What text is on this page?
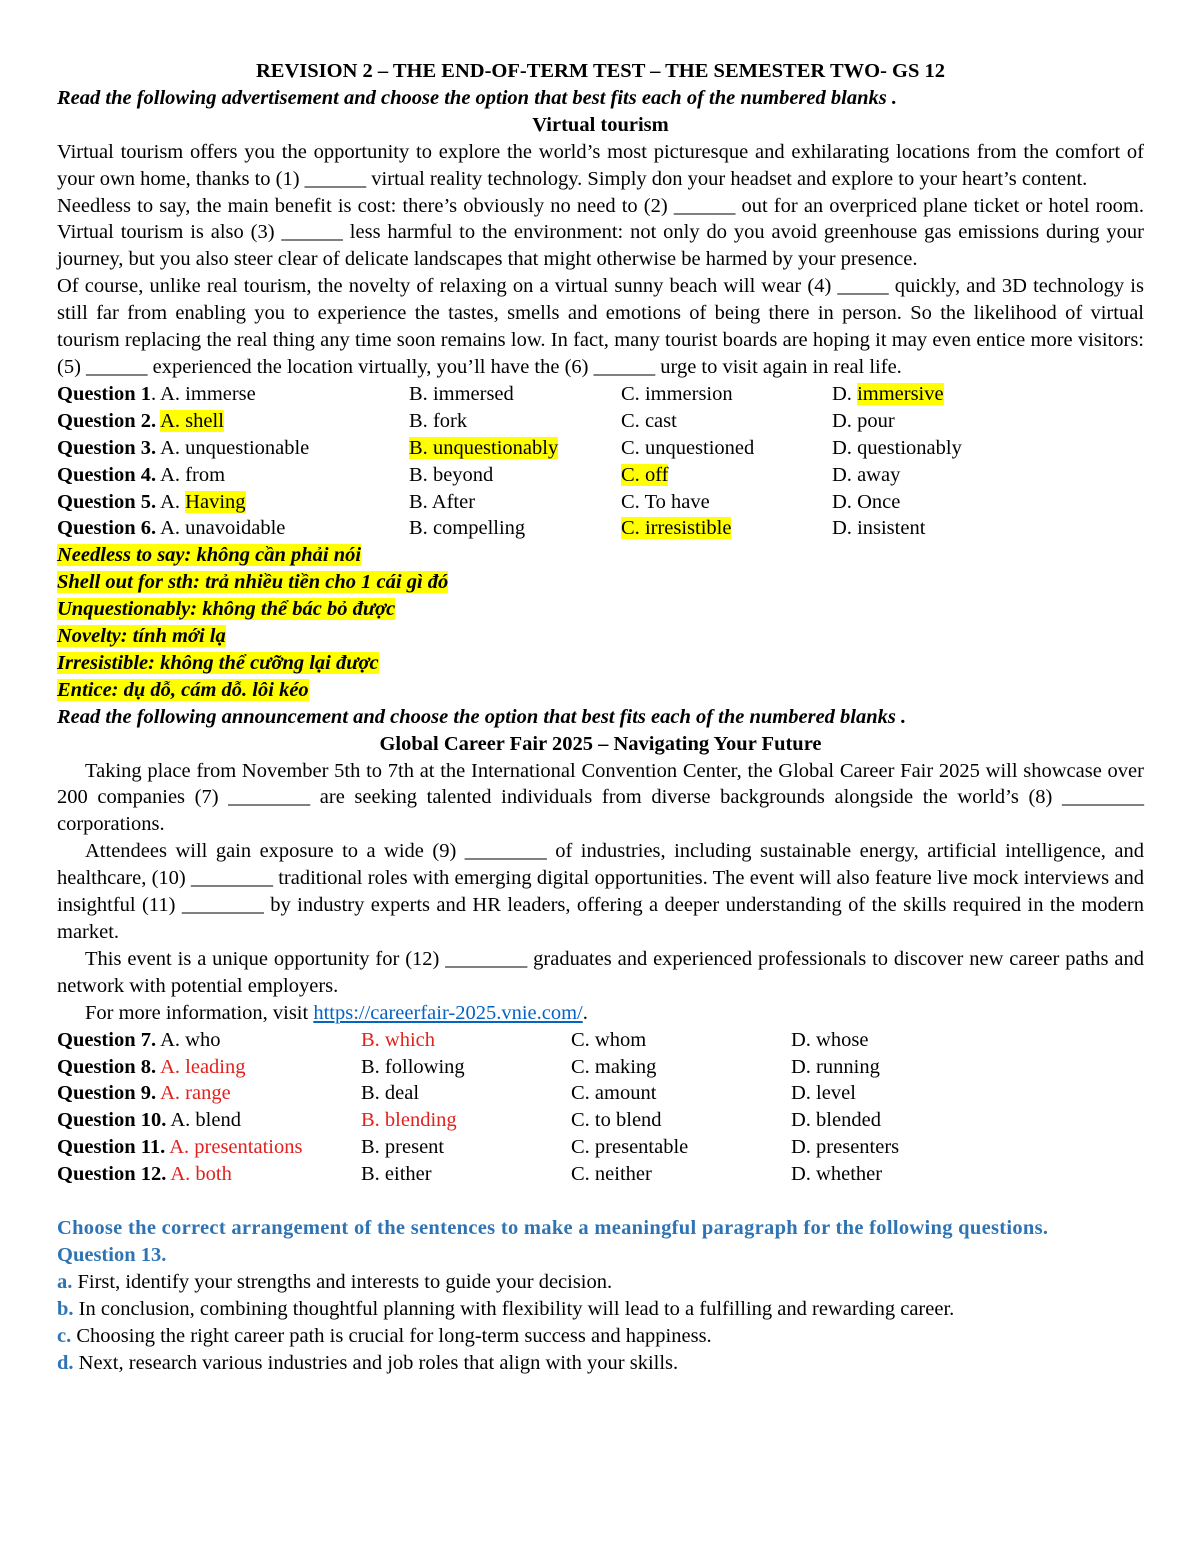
REVISION 2 – THE END-OF-TERM TEST – THE SEMESTER TWO- GS 12

Read the following advertisement and choose the option that best fits each of the numbered blanks .

Virtual tourism

Virtual tourism offers you the opportunity to explore the world’s most picturesque and exhilarating locations from the comfort of your own home, thanks to (1) ______ virtual reality technology. Simply don your headset and explore to your heart’s content.

Needless to say, the main benefit is cost: there’s obviously no need to (2) ______ out for an overpriced plane ticket or hotel room. Virtual tourism is also (3) ______ less harmful to the environment: not only do you avoid greenhouse gas emissions during your journey, but you also steer clear of delicate landscapes that might otherwise be harmed by your presence.

Of course, unlike real tourism, the novelty of relaxing on a virtual sunny beach will wear (4) _____ quickly, and 3D technology is still far from enabling you to experience the tastes, smells and emotions of being there in person. So the likelihood of virtual tourism replacing the real thing any time soon remains low. In fact, many tourist boards are hoping it may even entice more visitors: (5) ______ experienced the location virtually, you’ll have the (6) ______ urge to visit again in real life.

Question 1. A. immerse	B. immersed	C. immersion	D. immersive
Question 2. A. shell	B. fork	C. cast	D. pour
Question 3. A. unquestionable	B. unquestionably	C. unquestioned	D. questionably
Question 4. A. from	B. beyond	C. off	D. away
Question 5. A. Having	B. After	C. To have	D. Once
Question 6. A. unavoidable	B. compelling	C. irresistible	D. insistent

Needless to say: không cần phải nói

Shell out for sth: trả nhiều tiền cho 1 cái gì đó

Unquestionably: không thể bác bỏ được

Novelty: tính mới lạ

Irresistible: không thể cưỡng lại được

Entice: dụ dỗ, cám dỗ. lôi kéo

Read the following announcement and choose the option that best fits each of the numbered blanks .

Global Career Fair 2025 – Navigating Your Future

Taking place from November 5th to 7th at the International Convention Center, the Global Career Fair 2025 will showcase over 200 companies (7) ________ are seeking talented individuals from diverse backgrounds alongside the world’s (8) ________ corporations.

Attendees will gain exposure to a wide (9) ________ of industries, including sustainable energy, artificial intelligence, and healthcare, (10) ________ traditional roles with emerging digital opportunities. The event will also feature live mock interviews and insightful (11) ________ by industry experts and HR leaders, offering a deeper understanding of the skills required in the modern market.

This event is a unique opportunity for (12) ________ graduates and experienced professionals to discover new career paths and network with potential employers.

For more information, visit https://careerfair-2025.vnie.com/.

Question 7. A. who	B. which	C. whom	D. whose
Question 8. A. leading	B. following	C. making	D. running
Question 9. A. range	B. deal	C. amount	D. level
Question 10. A. blend	B. blending	C. to blend	D. blended
Question 11. A. presentations	B. present	C. presentable	D. presenters
Question 12. A. both	B. either	C. neither	D. whether

Choose the correct arrangement of the sentences to make a meaningful paragraph for the following questions.

Question 13.

a. First, identify your strengths and interests to guide your decision.

b. In conclusion, combining thoughtful planning with flexibility will lead to a fulfilling and rewarding career.

c. Choosing the right career path is crucial for long-term success and happiness.

d. Next, research various industries and job roles that align with your skills.
